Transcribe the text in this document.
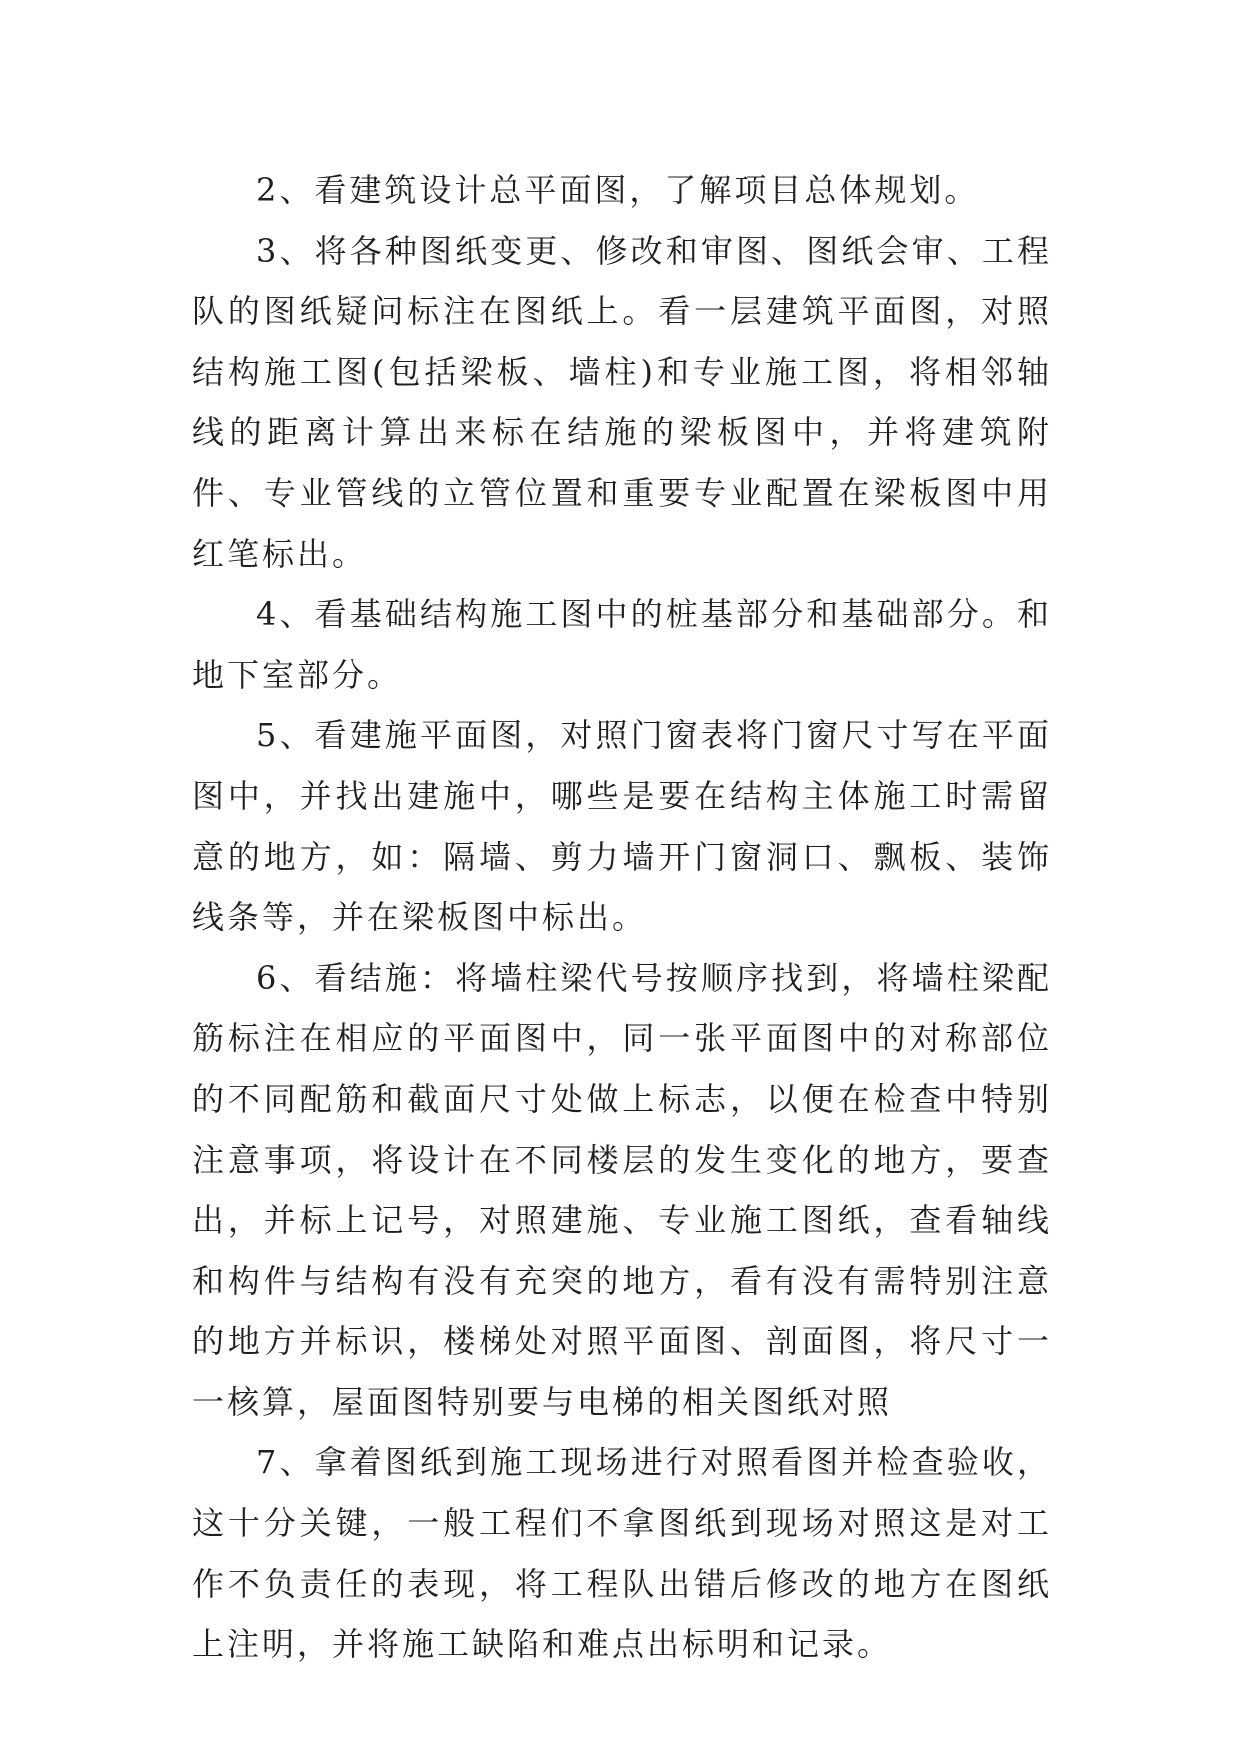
2、看建筑设计总平面图，了解项目总体规划。

3、将各种图纸变更、修改和审图、图纸会审、工程队的图纸疑问标注在图纸上。看一层建筑平面图，对照结构施工图(包括梁板、墙柱)和专业施工图，将相邻轴线的距离计算出来标在结施的梁板图中，并将建筑附件、专业管线的立管位置和重要专业配置在梁板图中用红笔标出。

4、看基础结构施工图中的桩基部分和基础部分。和地下室部分。

5、看建施平面图，对照门窗表将门窗尺寸写在平面图中，并找出建施中，哪些是要在结构主体施工时需留意的地方，如：隔墙、剪力墙开门窗洞口、飘板、装饰线条等，并在梁板图中标出。

6、看结施：将墙柱梁代号按顺序找到，将墙柱梁配筋标注在相应的平面图中，同一张平面图中的对称部位的不同配筋和截面尺寸处做上标志，以便在检查中特别注意事项，将设计在不同楼层的发生变化的地方，要查出，并标上记号，对照建施、专业施工图纸，查看轴线和构件与结构有没有充突的地方，看有没有需特别注意的地方并标识，楼梯处对照平面图、剖面图，将尺寸一一核算，屋面图特别要与电梯的相关图纸对照

7、拿着图纸到施工现场进行对照看图并检查验收，这十分关键，一般工程们不拿图纸到现场对照这是对工作不负责任的表现，将工程队出错后修改的地方在图纸上注明，并将施工缺陷和难点出标明和记录。
